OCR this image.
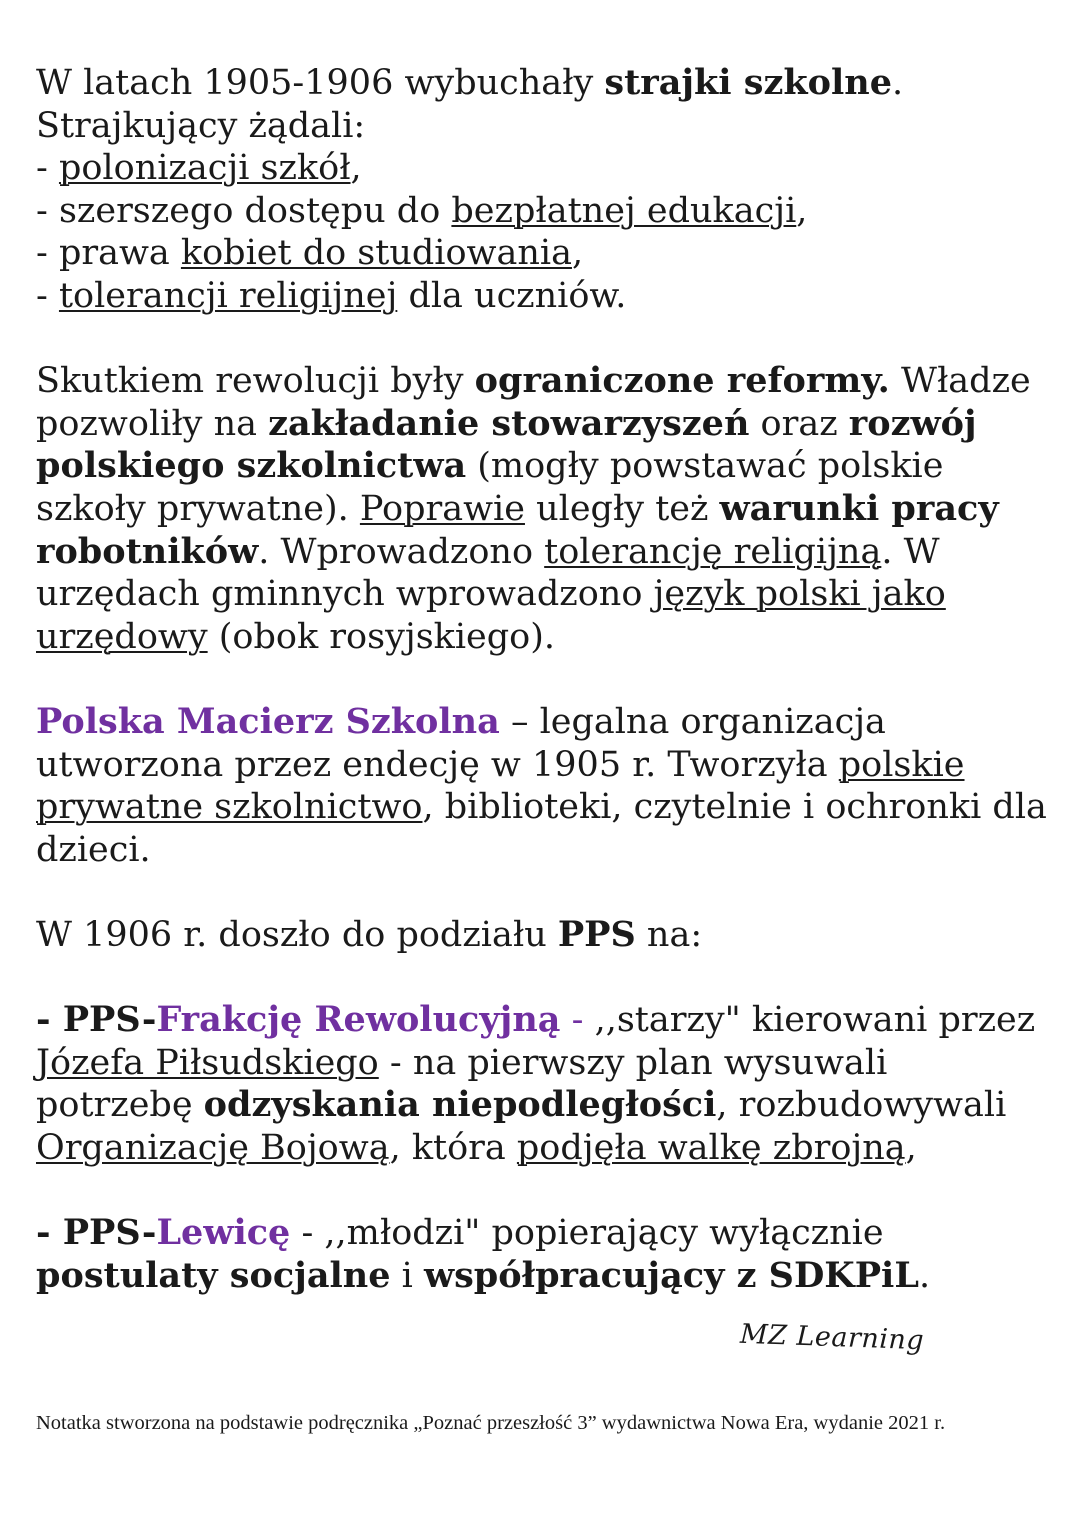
W latach 1905-1906 wybuchały strajki szkolne.
Strajkujący żądali:
- polonizacji szkół,
- szerszego dostępu do bezpłatnej edukacji,
- prawa kobiet do studiowania,
- tolerancji religijnej dla uczniów.

Skutkiem rewolucji były ograniczone reformy. Władze pozwoliły na zakładanie stowarzyszeń oraz rozwój polskiego szkolnictwa (mogły powstawać polskie szkoły prywatne). Poprawie uległy też warunki pracy robotników. Wprowadzono tolerancję religijną. W urzędach gminnych wprowadzono język polski jako urzędowy (obok rosyjskiego).

Polska Macierz Szkolna – legalna organizacja utworzona przez endecję w 1905 r. Tworzyła polskie prywatne szkolnictwo, biblioteki, czytelnie i ochronki dla dzieci.

W 1906 r. doszło do podziału PPS na:

- PPS-Frakcję Rewolucyjną - ,,starzy" kierowani przez Józefa Piłsudskiego - na pierwszy plan wysuwali potrzebę odzyskania niepodległości, rozbudowywali Organizację Bojową, która podjęła walkę zbrojną,

- PPS-Lewicę - ,,młodzi" popierający wyłącznie postulaty socjalne i współpracujący z SDKPiL.

MZ Learning
Notatka stworzona na podstawie podręcznika „Poznać przeszłość 3” wydawnictwa Nowa Era, wydanie 2021 r.
